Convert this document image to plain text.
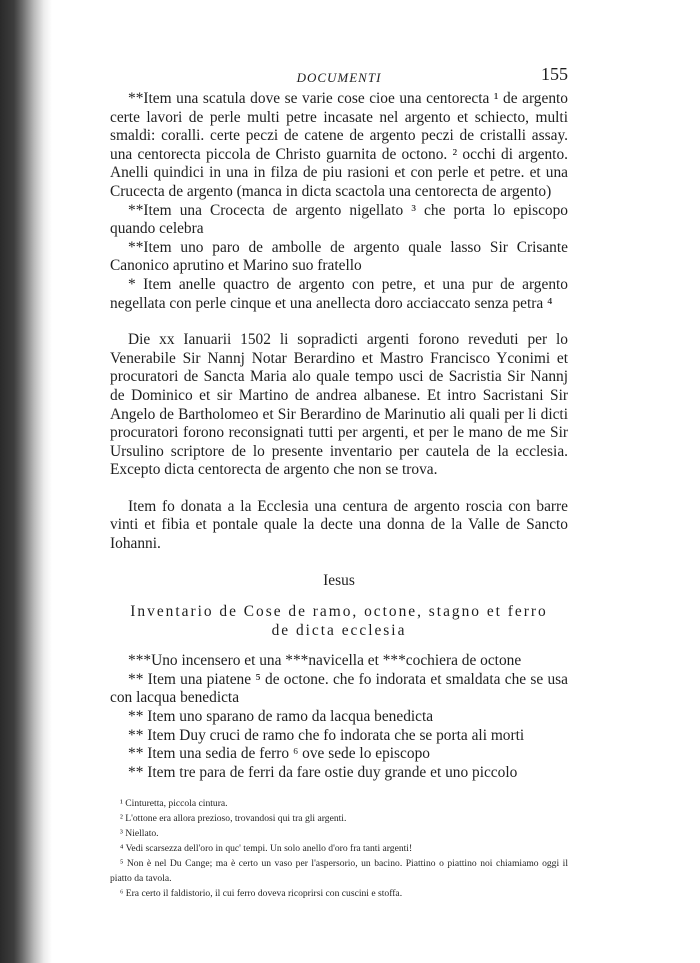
DOCUMENTI	155

**Item una scatula dove se varie cose cioe una centorecta ¹ de argento certe lavori de perle multi petre incasate nel argento et schiecto, multi smaldi: coralli. certe peczi de catene de argento peczi de cristalli assay. una centorecta piccola de Christo guarnita de octono. ² occhi di argento. Anelli quindici in una in filza de piu rasioni et con perle et petre. et una Crucecta de argento (manca in dicta scactola una centorecta de argento)

**Item una Crocecta de argento nigellato ³ che porta lo episcopo quando celebra

**Item uno paro de ambolle de argento quale lasso Sir Crisante Canonico aprutino et Marino suo fratello

* Item anelle quactro de argento con petre, et una pur de argento negellata con perle cinque et una anellecta doro acciaccato senza petra ⁴

Die xx Ianuarii 1502 li sopradicti argenti forono reveduti per lo Venerabile Sir Nannj Notar Berardino et Mastro Francisco Yconimi et procuratori de Sancta Maria alo quale tempo usci de Sacristia Sir Nannj de Dominico et sir Martino de andrea albanese. Et intro Sacristani Sir Angelo de Bartholomeo et Sir Berardino de Marinutio ali quali per li dicti procuratori forono reconsignati tutti per argenti, et per le mano de me Sir Ursulino scriptore de lo presente inventario per cautela de la ecclesia. Excepto dicta centorecta de argento che non se trova.

Item fo donata a la Ecclesia una centura de argento roscia con barre vinti et fibia et pontale quale la decte una donna de la Valle de Sancto Iohanni.

Iesus

Inventario de Cose de ramo, octone, stagno et ferro

de dicta ecclesia

***Uno incensero et una ***navicella et ***cochiera de octone

** Item una piatene ⁵ de octone. che fo indorata et smaldata che se usa con lacqua benedicta

** Item uno sparano de ramo da lacqua benedicta

** Item Duy cruci de ramo che fo indorata che se porta ali morti

** Item una sedia de ferro ⁶ ove sede lo episcopo

** Item tre para de ferri da fare ostie duy grande et uno piccolo

¹ Cinturetta, piccola cintura.

² L'ottone era allora prezioso, trovandosi qui tra gli argenti.

³ Niellato.

⁴ Vedi scarsezza dell'oro in quc' tempi. Un solo anello d'oro fra tanti argenti!

⁵ Non è nel Du Cange; ma è certo un vaso per l'aspersorio, un bacino. Piattino o piattino noi chiamiamo oggi il piatto da tavola.

⁶ Era certo il faldistorio, il cui ferro doveva ricoprirsi con cuscini e stoffa.
